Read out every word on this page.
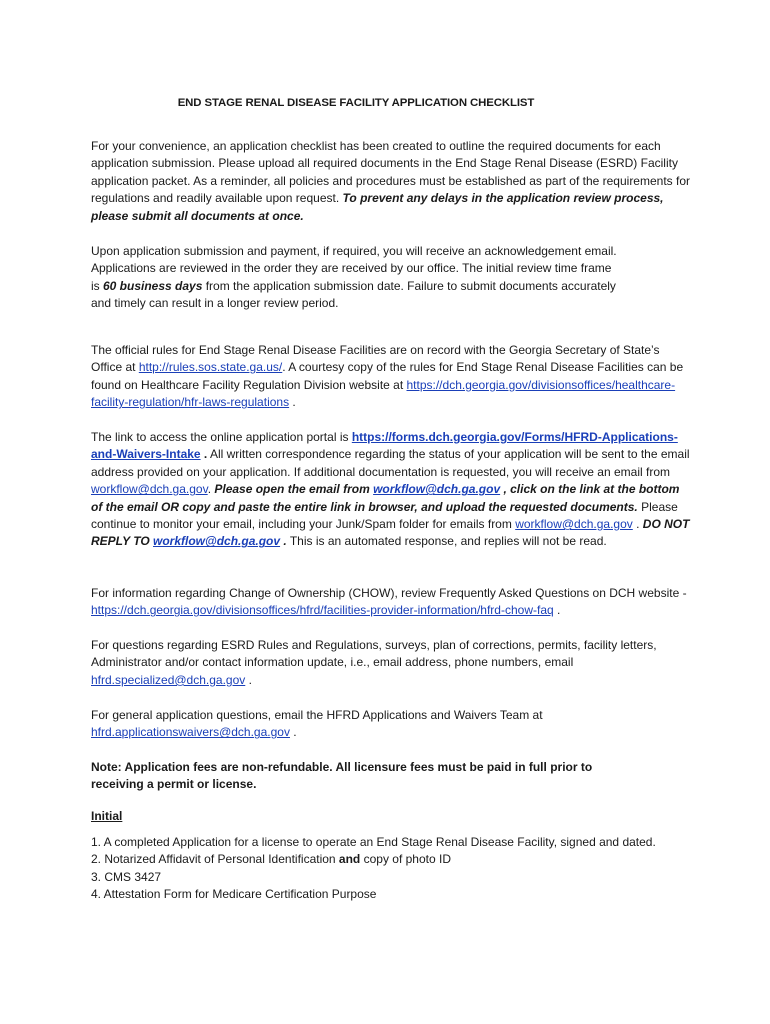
END STAGE RENAL DISEASE FACILITY APPLICATION CHECKLIST

For your convenience, an application checklist has been created to outline the required documents for each application submission. Please upload all required documents in the End Stage Renal Disease (ESRD) Facility application packet. As a reminder, all policies and procedures must be established as part of the requirements for regulations and readily available upon request. To prevent any delays in the application review process, please submit all documents at once.

Upon application submission and payment, if required, you will receive an acknowledgement email. Applications are reviewed in the order they are received by our office. The initial review time frame is 60 business days from the application submission date. Failure to submit documents accurately and timely can result in a longer review period.

The official rules for End Stage Renal Disease Facilities are on record with the Georgia Secretary of State’s Office at http://rules.sos.state.ga.us/. A courtesy copy of the rules for End Stage Renal Disease Facilities can be found on Healthcare Facility Regulation Division website at https://dch.georgia.gov/divisionsoffices/healthcare-facility-regulation/hfr-laws-regulations .

The link to access the online application portal is https://forms.dch.georgia.gov/Forms/HFRD-Applications-and-Waivers-Intake . All written correspondence regarding the status of your application will be sent to the email address provided on your application. If additional documentation is requested, you will receive an email from workflow@dch.ga.gov. Please open the email from workflow@dch.ga.gov , click on the link at the bottom of the email OR copy and paste the entire link in browser, and upload the requested documents. Please continue to monitor your email, including your Junk/Spam folder for emails from workflow@dch.ga.gov . DO NOT REPLY TO workflow@dch.ga.gov . This is an automated response, and replies will not be read.

For information regarding Change of Ownership (CHOW), review Frequently Asked Questions on DCH website - https://dch.georgia.gov/divisionsoffices/hfrd/facilities-provider-information/hfrd-chow-faq .

For questions regarding ESRD Rules and Regulations, surveys, plan of corrections, permits, facility letters, Administrator and/or contact information update, i.e., email address, phone numbers, email hfrd.specialized@dch.ga.gov .

For general application questions, email the HFRD Applications and Waivers Team at hfrd.applicationswaivers@dch.ga.gov .

Note: Application fees are non-refundable. All licensure fees must be paid in full prior to receiving a permit or license.

Initial

1. A completed Application for a license to operate an End Stage Renal Disease Facility, signed and dated.
2. Notarized Affidavit of Personal Identification and copy of photo ID
3. CMS 3427
4. Attestation Form for Medicare Certification Purpose
